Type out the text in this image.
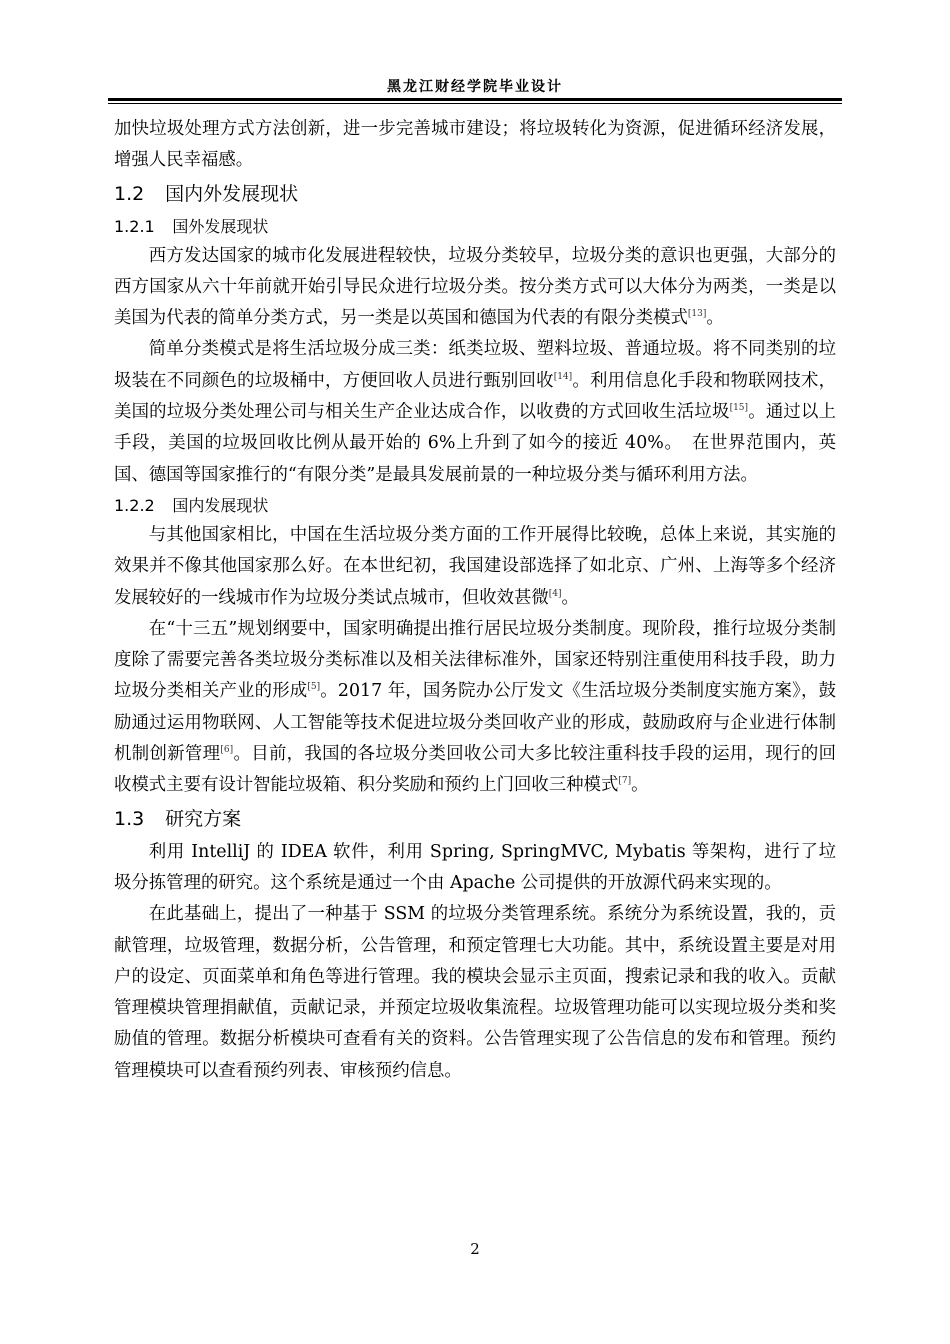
黑龙江财经学院毕业设计

加快垃圾处理方式方法创新，进一步完善城市建设；将垃圾转化为资源，促进循环经济发展，增强人民幸福感。

1.2 国内外发展现状
1.2.1 国外发展现状

西方发达国家的城市化发展进程较快，垃圾分类较早，垃圾分类的意识也更强，大部分的西方国家从六十年前就开始引导民众进行垃圾分类。按分类方式可以大体分为两类，一类是以美国为代表的简单分类方式，另一类是以英国和德国为代表的有限分类模式[13]。

简单分类模式是将生活垃圾分成三类：纸类垃圾、塑料垃圾、普通垃圾。将不同类别的垃圾装在不同颜色的垃圾桶中，方便回收人员进行甄别回收[14]。利用信息化手段和物联网技术，美国的垃圾分类处理公司与相关生产企业达成合作，以收费的方式回收生活垃圾[15]。通过以上手段，美国的垃圾回收比例从最开始的 6%上升到了如今的接近 40%。　在世界范围内，英国、德国等国家推行的“有限分类”是最具发展前景的一种垃圾分类与循环利用方法。

1.2.2 国内发展现状

与其他国家相比，中国在生活垃圾分类方面的工作开展得比较晚，总体上来说，其实施的效果并不像其他国家那么好。在本世纪初，我国建设部选择了如北京、广州、上海等多个经济发展较好的一线城市作为垃圾分类试点城市，但收效甚微[4]。

在“十三五”规划纲要中，国家明确提出推行居民垃圾分类制度。现阶段，推行垃圾分类制度除了需要完善各类垃圾分类标准以及相关法律标准外，国家还特别注重使用科技手段，助力垃圾分类相关产业的形成[5]。2017 年，国务院办公厅发文《生活垃圾分类制度实施方案》，鼓励通过运用物联网、人工智能等技术促进垃圾分类回收产业的形成，鼓励政府与企业进行体制机制创新管理[6]。目前，我国的各垃圾分类回收公司大多比较注重科技手段的运用，现行的回收模式主要有设计智能垃圾箱、积分奖励和预约上门回收三种模式[7]。

1.3 研究方案

利用 IntelliJ 的 IDEA 软件，利用 Spring, SpringMVC, Mybatis 等架构，进行了垃圾分拣管理的研究。这个系统是通过一个由 Apache 公司提供的开放源代码来实现的。

在此基础上，提出了一种基于 SSM 的垃圾分类管理系统。系统分为系统设置，我的，贡献管理，垃圾管理，数据分析，公告管理，和预定管理七大功能。其中，系统设置主要是对用户的设定、页面菜单和角色等进行管理。我的模块会显示主页面，搜索记录和我的收入。贡献管理模块管理捐献值，贡献记录，并预定垃圾收集流程。垃圾管理功能可以实现垃圾分类和奖励值的管理。数据分析模块可查看有关的资料。公告管理实现了公告信息的发布和管理。预约管理模块可以查看预约列表、审核预约信息。

2
